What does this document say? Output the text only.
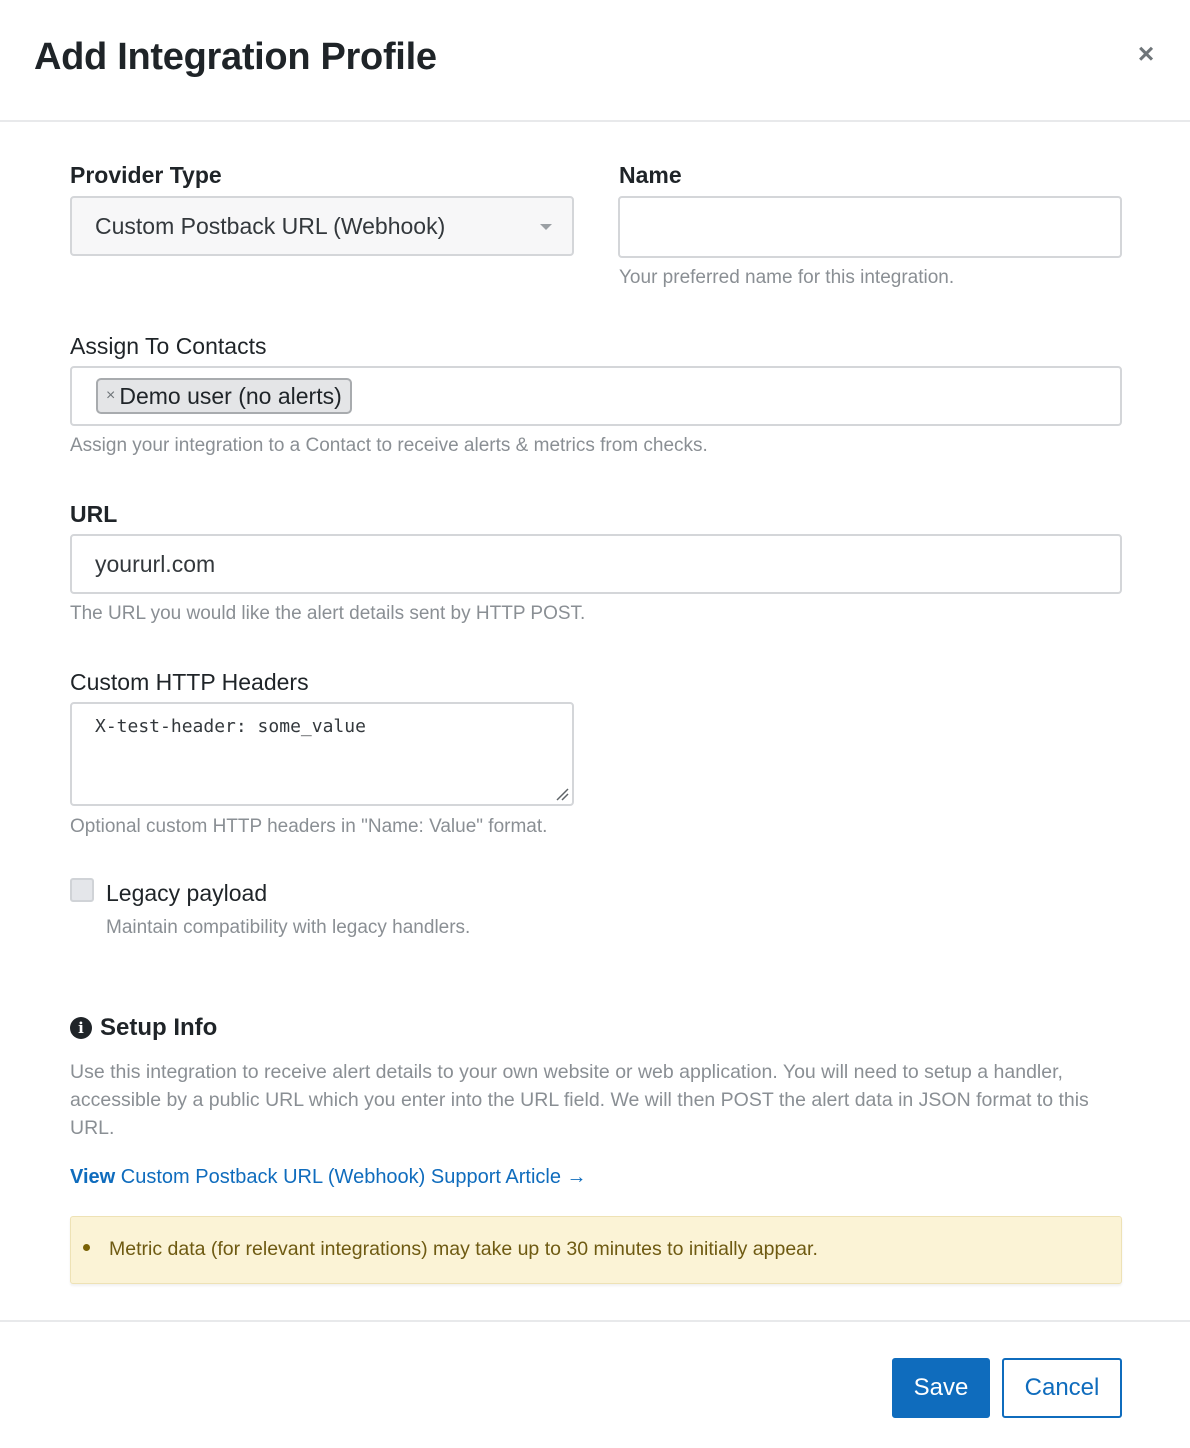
Add Integration Profile	×
Provider Type
Custom Postback URL (Webhook)
Name
Your preferred name for this integration.
Assign To Contacts
× Demo user (no alerts)
Assign your integration to a Contact to receive alerts & metrics from checks.
URL
yoururl.com
The URL you would like the alert details sent by HTTP POST.
Custom HTTP Headers
X-test-header: some_value
Optional custom HTTP headers in "Name: Value" format.
Legacy payload
Maintain compatibility with legacy handlers.
i Setup Info
Use this integration to receive alert details to your own website or web application. You will need to setup a handler, accessible by a public URL which you enter into the URL field. We will then POST the alert data in JSON format to this URL.
View Custom Postback URL (Webhook) Support Article →
Metric data (for relevant integrations) may take up to 30 minutes to initially appear.
Save	Cancel
